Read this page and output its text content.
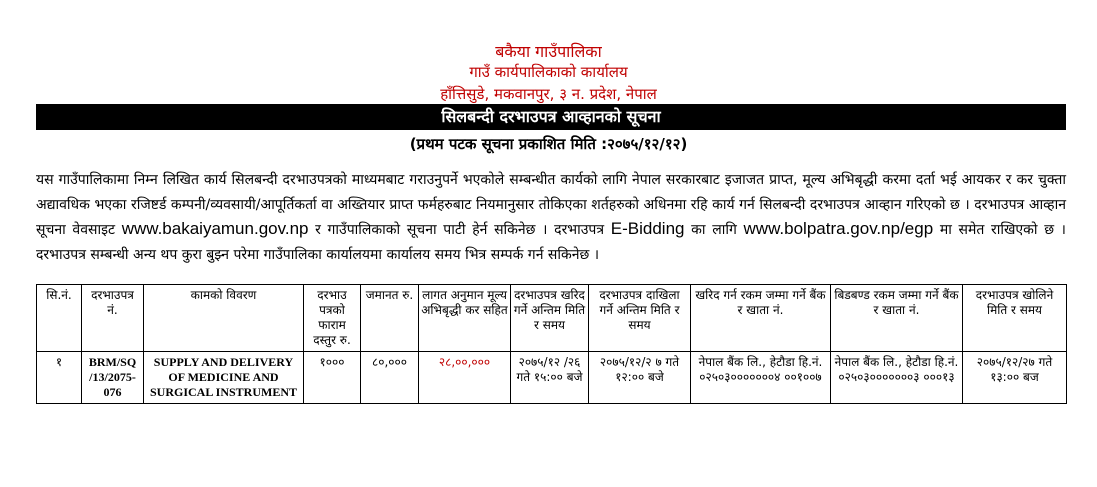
बकैया गाउँपालिका
गाउँ कार्यपालिकाको कार्यालय
हाँत्तिसुडे, मकवानपुर, ३ न. प्रदेश, नेपाल
सिलबन्दी दरभाउपत्र आव्हानको सूचना
(प्रथम पटक सूचना प्रकाशित मिति :२०७५/१२/१२)
यस गाउँपालिकामा निम्न लिखित कार्य सिलबन्दी दरभाउपत्रको माध्यमबाट गराउनुपर्ने भएकोले सम्बन्धीत कार्यको लागि नेपाल सरकारबाट इजाजत प्राप्त, मूल्य अभिबृद्धी करमा दर्ता भई आयकर र कर चुक्ता अद्यावधिक भएका रजिष्टर्ड कम्पनी/व्यवसायी/आपूर्तिकर्ता वा अख्तियार प्राप्त फर्महरुबाट नियमानुसार तोकिएका शर्तहरुको अधिनमा रहि कार्य गर्न सिलबन्दी दरभाउपत्र आव्हान गरिएको छ । दरभाउपत्र आव्हान सूचना वेवसाइट www.bakaiyamun.gov.np र गाउँपालिकाको सूचना पाटी हेर्न सकिनेछ । दरभाउपत्र E-Bidding का लागि www.bolpatra.gov.np/egp मा समेत राखिएको छ । दरभाउपत्र सम्बन्धी अन्य थप कुरा बुझ्न परेमा गाउँपालिका कार्यालयमा कार्यालय समय भित्र सम्पर्क गर्न सकिनेछ ।
सि.नं.	दरभाउपत्र नं.	कामको विवरण	दरभाउ पत्रको फाराम दस्तुर रु.	जमानत रु.	लागत अनुमान मूल्य अभिबृद्धी कर सहित	दरभाउपत्र खरिद गर्ने अन्तिम मिति र समय	दरभाउपत्र दाखिला गर्ने अन्तिम मिति र समय	खरिद गर्न रकम जम्मा गर्ने बैंक र खाता नं.	बिडबण्ड रकम जम्मा गर्ने बैंक र खाता नं.	दरभाउपत्र खोलिने मिति र समय
१	BRM/SQ /13/2075-076	SUPPLY AND DELIVERY OF MEDICINE AND SURGICAL INSTRUMENT	१०००	८०,०००	२८,००,०००	२०७५/१२ /२६ गते १५:०० बजे	२०७५/१२/२ ७ गते १२:०० बजे	नेपाल बैंक लि., हेटौडा हि.नं. ०२५०३०००००००४ ००१००७	नेपाल बैंक लि., हेटौडा हि.नं. ०२५०३०००००००३ ०००१३	२०७५/१२/२७ गते १३:०० बज
